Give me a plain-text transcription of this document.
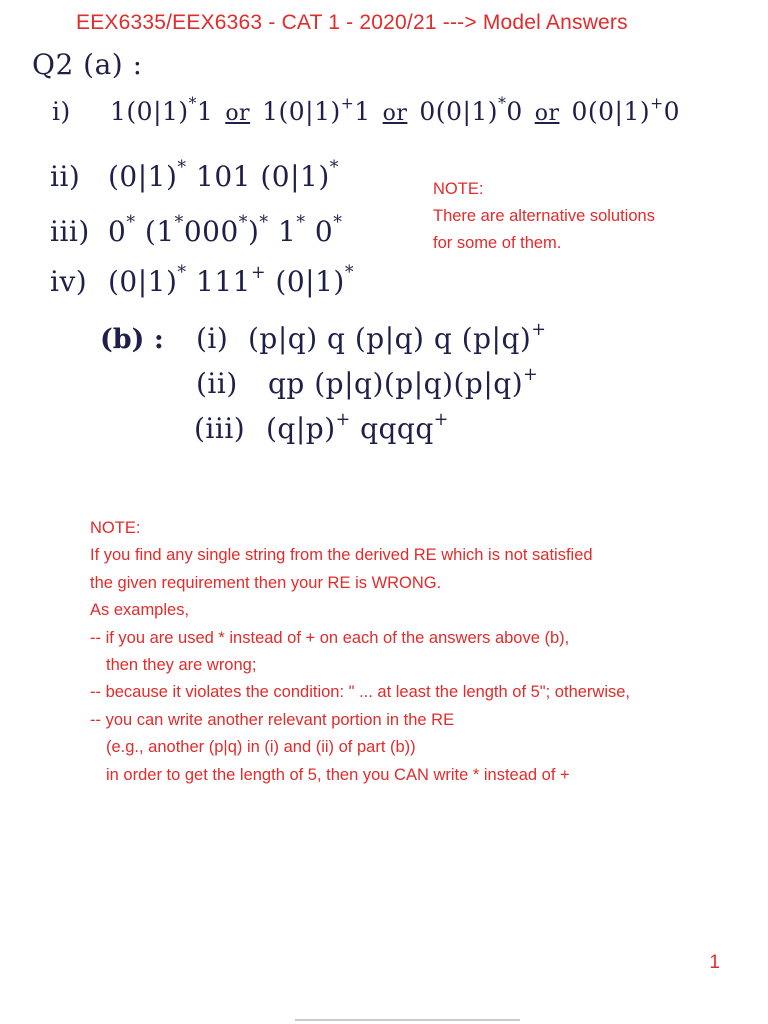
EEX6335/EEX6363 - CAT 1 - 2020/21 ---> Model Answers
Q2 (a) :
i) 1(0|1)*1 or 1(0|1)+1 or 0(0|1)*0 or 0(0|1)+0
ii) (0|1)* 101 (0|1)*
iii) 0* (1*000*)* 1* 0*
iv) (0|1)* 111+ (0|1)*
(b) : (i) (p|q) q (p|q) q (p|q)+
(ii) qp (p|q)(p|q)(p|q)+
(iii) (q|p)+ qqqq+
NOTE:
There are alternative solutions
for some of them.
NOTE:
If you find any single string from the derived RE which is not satisfied
the given requirement then your RE is WRONG.
As examples,
-- if you are used * instead of + on each of the answers above (b),
then they are wrong;
-- because it violates the condition: " ... at least the length of 5"; otherwise,
-- you can write another relevant portion in the RE
(e.g., another (p|q) in (i) and (ii) of part (b))
in order to get the length of 5, then you CAN write * instead of +
1
